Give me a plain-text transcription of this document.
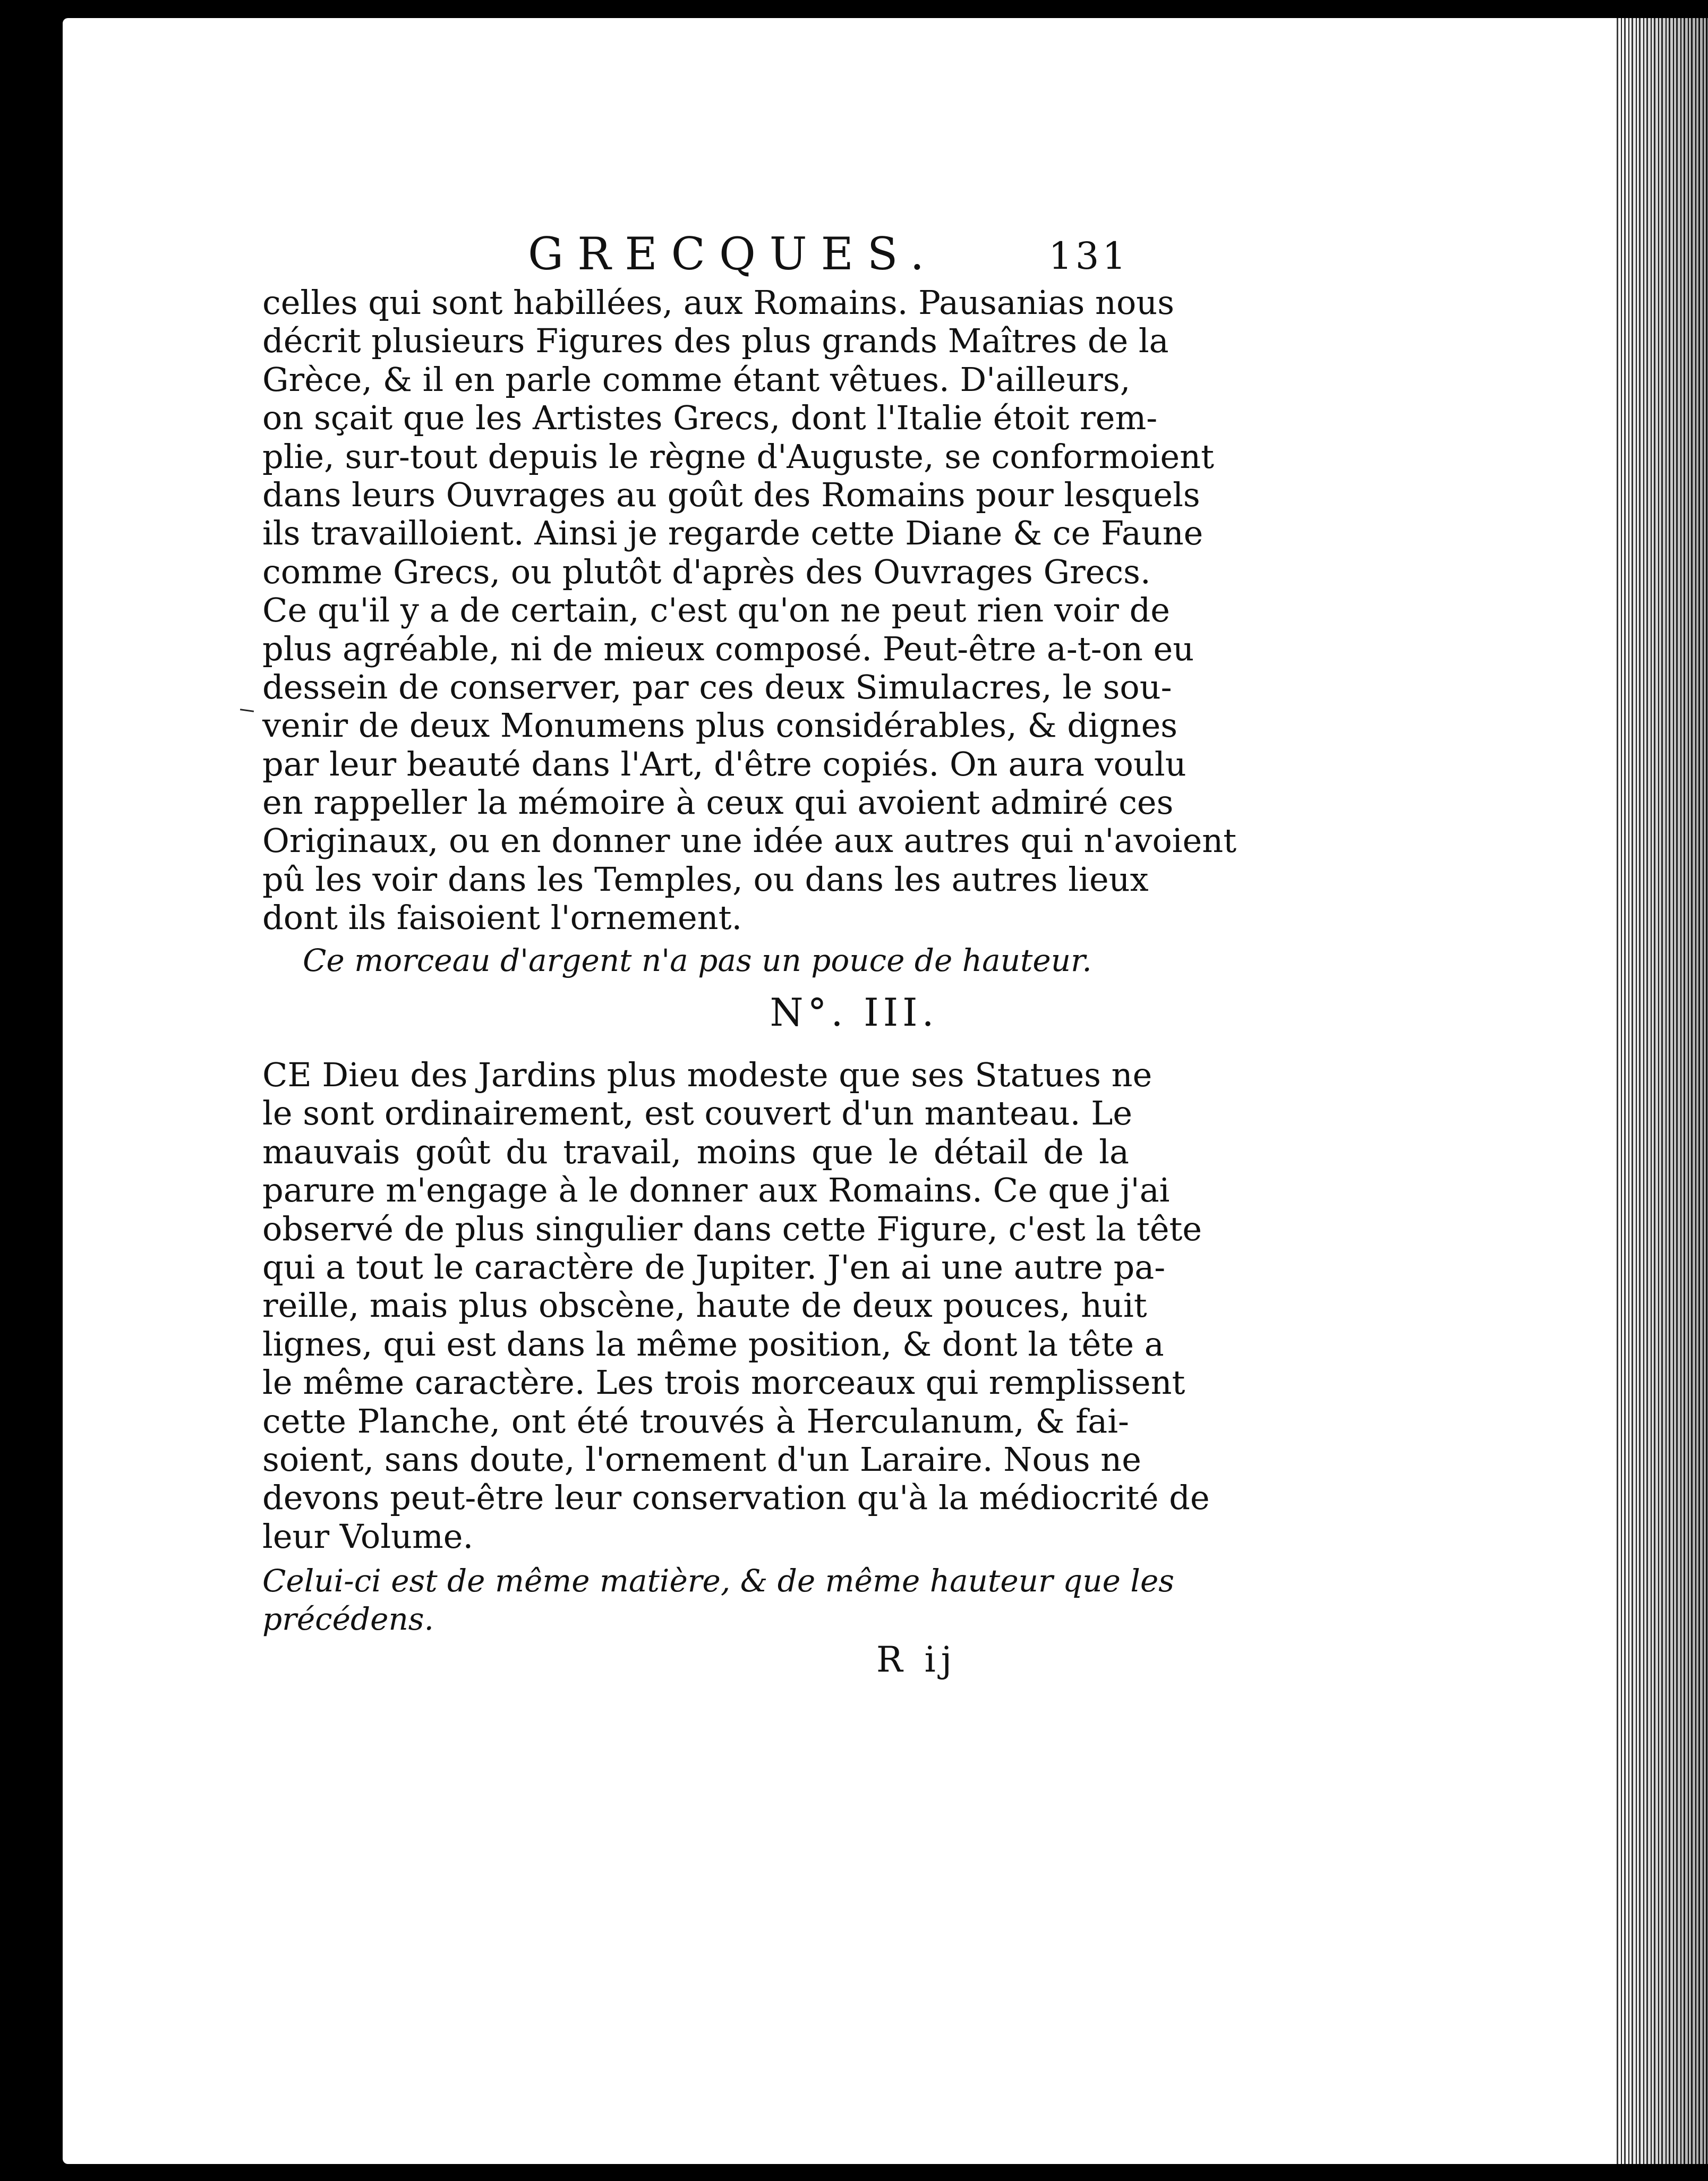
GRECQUES.	131
celles qui sont habillées, aux Romains. Pausanias nous
décrit plusieurs Figures des plus grands Maîtres de la
Grèce, & il en parle comme étant vêtues. D'ailleurs,
on sçait que les Artistes Grecs, dont l'Italie étoit rem-
plie, sur-tout depuis le règne d'Auguste, se conformoient
dans leurs Ouvrages au goût des Romains pour lesquels
ils travailloient. Ainsi je regarde cette Diane & ce Faune
comme Grecs, ou plutôt d'après des Ouvrages Grecs.
Ce qu'il y a de certain, c'est qu'on ne peut rien voir de
plus agréable, ni de mieux composé. Peut-être a-t-on eu
dessein de conserver, par ces deux Simulacres, le sou-
venir de deux Monumens plus considérables, & dignes
par leur beauté dans l'Art, d'être copiés. On aura voulu
en rappeller la mémoire à ceux qui avoient admiré ces
Originaux, ou en donner une idée aux autres qui n'avoient
pû les voir dans les Temples, ou dans les autres lieux
dont ils faisoient l'ornement.
Ce morceau d'argent n'a pas un pouce de hauteur.
N°. III.
CE Dieu des Jardins plus modeste que ses Statues ne
le sont ordinairement, est couvert d'un manteau. Le
mauvais goût du travail, moins que le détail de la
parure m'engage à le donner aux Romains. Ce que j'ai
observé de plus singulier dans cette Figure, c'est la tête
qui a tout le caractère de Jupiter. J'en ai une autre pa-
reille, mais plus obscène, haute de deux pouces, huit
lignes, qui est dans la même position, & dont la tête a
le même caractère. Les trois morceaux qui remplissent
cette Planche, ont été trouvés à Herculanum, & fai-
soient, sans doute, l'ornement d'un Laraire. Nous ne
devons peut-être leur conservation qu'à la médiocrité de
leur Volume.
Celui-ci est de même matière, & de même hauteur que les
précédens.
R ij
